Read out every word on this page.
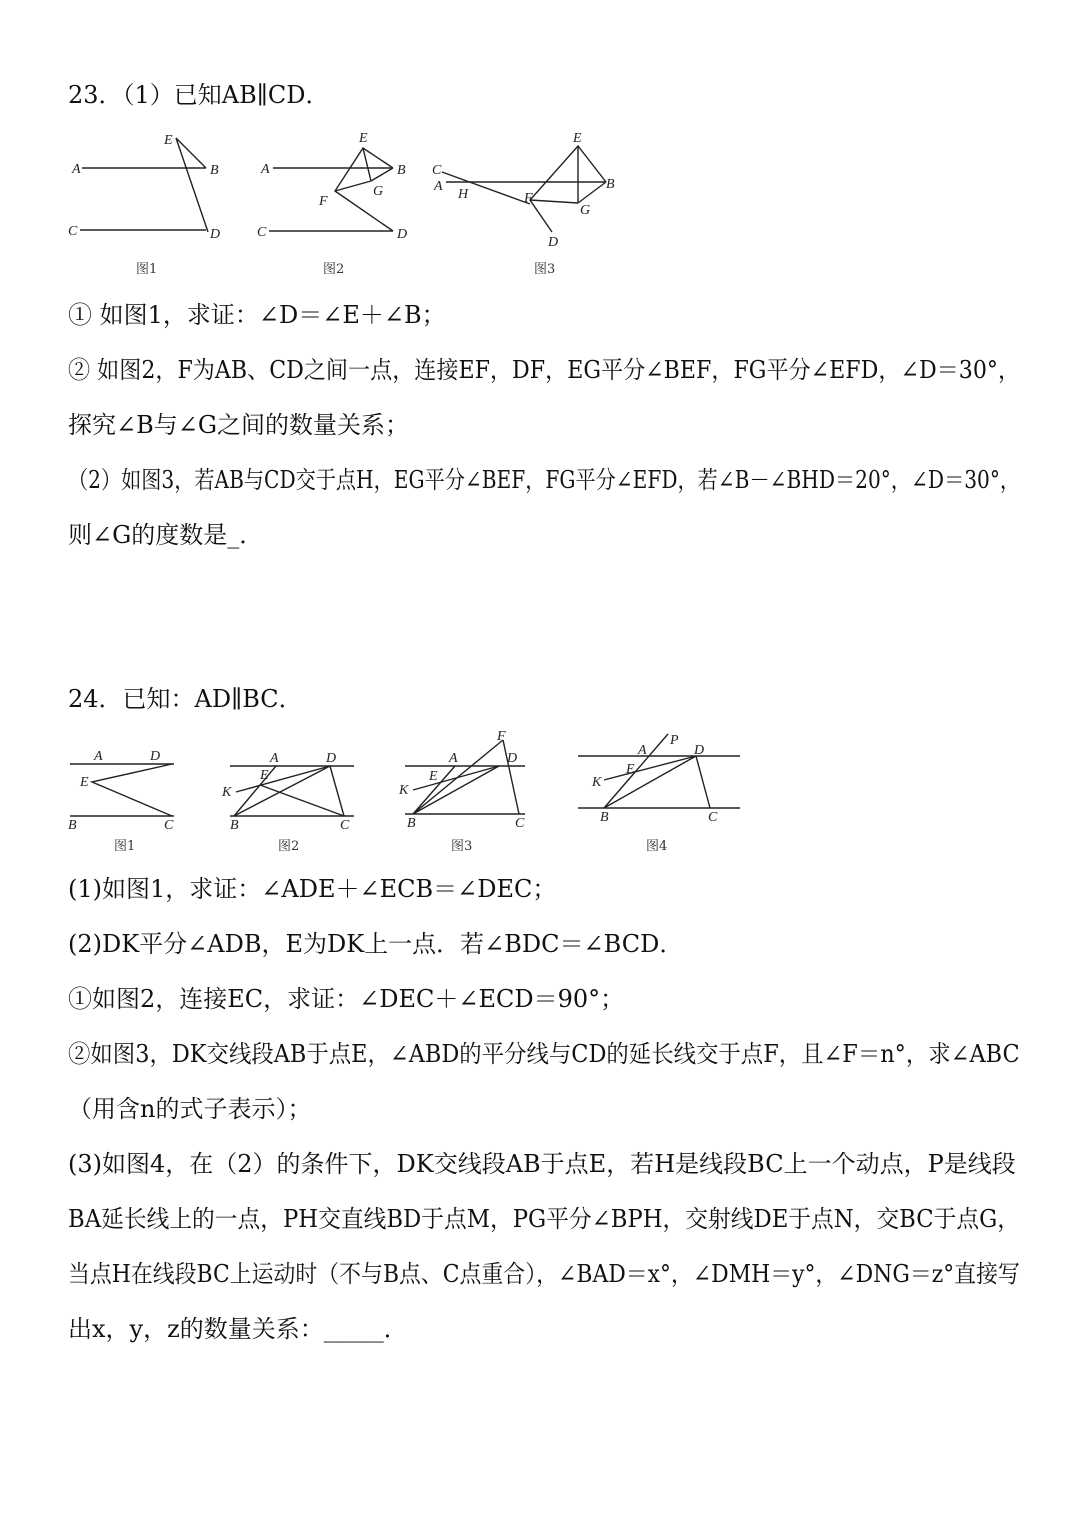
23．（1）已知AB∥CD．
E
A	B
C	D
图1
E
A	B
G
F
C	D
图2
E
C
A
H
B
F
G
D
图3
① 如图1，求证：∠D＝∠E＋∠B；
② 如图2，F为AB、CD之间一点，连接EF，DF，EG平分∠BEF，FG平分∠EFD，∠D＝30°，
探究∠B与∠G之间的数量关系；
（2）如图3，若AB与CD交于点H，EG平分∠BEF，FG平分∠EFD，若∠B－∠BHD＝20°，∠D＝30°，
则∠G的度数是_．
24．已知：AD∥BC．
A	D
E
B	C
图1
A	D
E
K
B	C
图2
F
A	D
E
K
B	C
图3
A
P
D
E
K
B	C
图4
(1)如图1，求证：∠ADE＋∠ECB＝∠DEC；
(2)DK平分∠ADB，E为DK上一点．若∠BDC＝∠BCD．
①如图2，连接EC，求证：∠DEC＋∠ECD＝90°；
②如图3，DK交线段AB于点E，∠ABD的平分线与CD的延长线交于点F，且∠F＝n°，求∠ABC
（用含n的式子表示）；
(3)如图4，在（2）的条件下，DK交线段AB于点E，若H是线段BC上一个动点，P是线段
BA延长线上的一点，PH交直线BD于点M，PG平分∠BPH，交射线DE于点N，交BC于点G，
当点H在线段BC上运动时（不与B点、C点重合），∠BAD＝x°，∠DMH＝y°，∠DNG＝z°直接写
出x，y，z的数量关系：_____．
